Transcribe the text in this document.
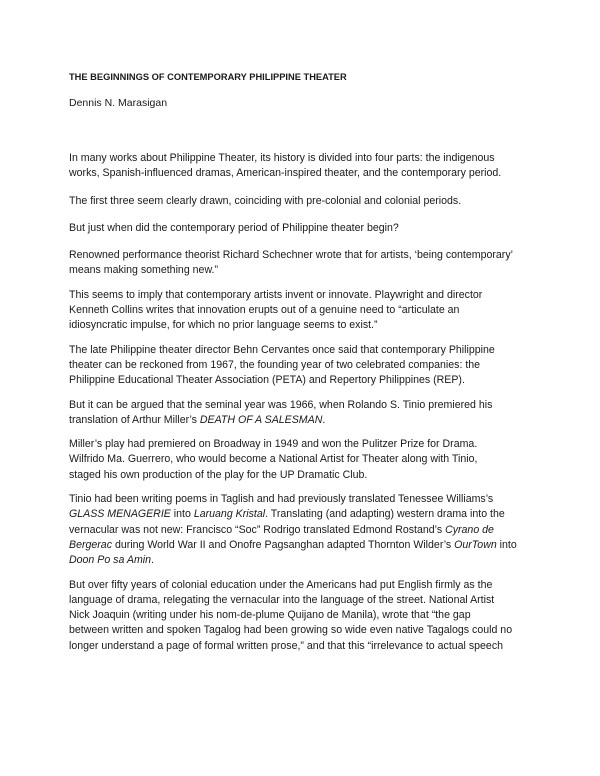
THE BEGINNINGS OF CONTEMPORARY PHILIPPINE THEATER
Dennis N. Marasigan
In many works about Philippine Theater, its history is divided into four parts: the indigenous
works, Spanish-influenced dramas, American-inspired theater, and the contemporary period.
The first three seem clearly drawn, coinciding with pre-colonial and colonial periods.
But just when did the contemporary period of Philippine theater begin?
Renowned performance theorist Richard Schechner wrote that for artists, ‘being contemporary’
means making something new.”
This seems to imply that contemporary artists invent or innovate. Playwright and director
Kenneth Collins writes that innovation erupts out of a genuine need to “articulate an
idiosyncratic impulse, for which no prior language seems to exist.”
The late Philippine theater director Behn Cervantes once said that contemporary Philippine
theater can be reckoned from 1967, the founding year of two celebrated companies: the
Philippine Educational Theater Association (PETA) and Repertory Philippines (REP).
But it can be argued that the seminal year was 1966, when Rolando S. Tinio premiered his
translation of Arthur Miller’s DEATH OF A SALESMAN.
Miller’s play had premiered on Broadway in 1949 and won the Pulitzer Prize for Drama.
Wilfrido Ma. Guerrero, who would become a National Artist for Theater along with Tinio,
staged his own production of the play for the UP Dramatic Club.
Tinio had been writing poems in Taglish and had previously translated Tenessee Williams’s
GLASS MENAGERIE into Laruang Kristal. Translating (and adapting) western drama into the
vernacular was not new: Francisco “Soc” Rodrigo translated Edmond Rostand’s Cyrano de
Bergerac during World War II and Onofre Pagsanghan adapted Thornton Wilder’s OurTown into
Doon Po sa Amin.
But over fifty years of colonial education under the Americans had put English firmly as the
language of drama, relegating the vernacular into the language of the street. National Artist
Nick Joaquin (writing under his nom-de-plume Quijano de Manila), wrote that “the gap
between written and spoken Tagalog had been growing so wide even native Tagalogs could no
longer understand a page of formal written prose,” and that this “irrelevance to actual speech
